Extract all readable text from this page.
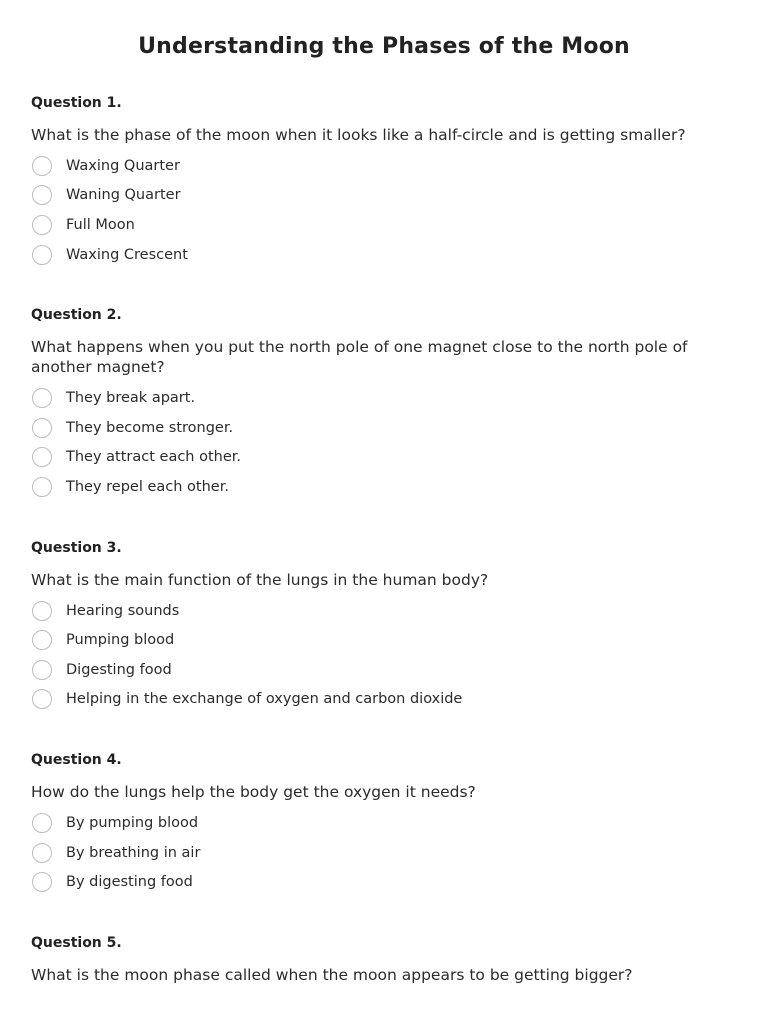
Understanding the Phases of the Moon

Question 1.

What is the phase of the moon when it looks like a half-circle and is getting smaller?

Waxing Quarter
Waning Quarter
Full Moon
Waxing Crescent

Question 2.

What happens when you put the north pole of one magnet close to the north pole of another magnet?

They break apart.
They become stronger.
They attract each other.
They repel each other.

Question 3.

What is the main function of the lungs in the human body?

Hearing sounds
Pumping blood
Digesting food
Helping in the exchange of oxygen and carbon dioxide

Question 4.

How do the lungs help the body get the oxygen it needs?

By pumping blood
By breathing in air
By digesting food

Question 5.

What is the moon phase called when the moon appears to be getting bigger?
